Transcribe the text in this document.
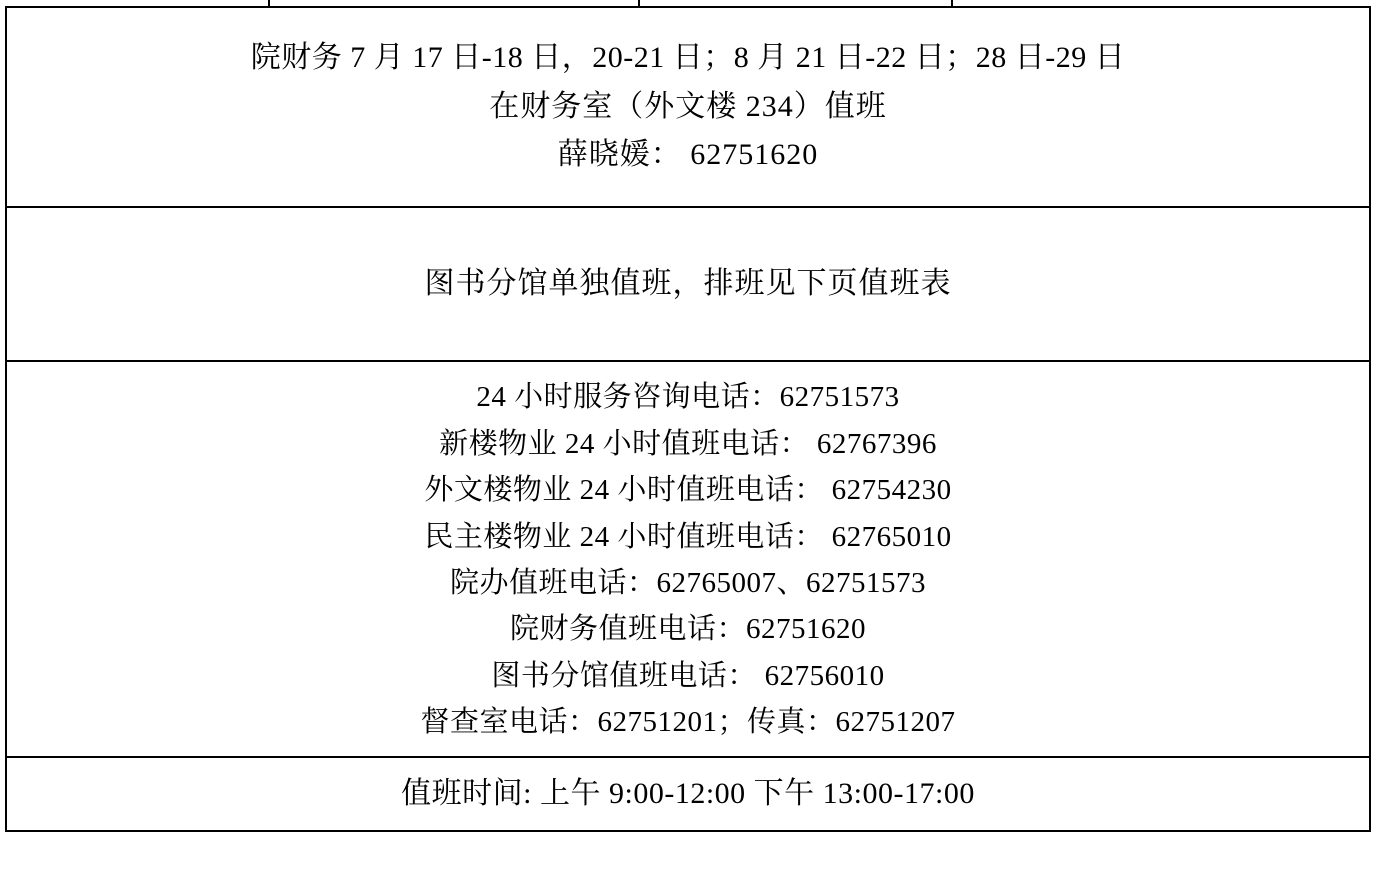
院财务 7 月 17 日-18 日，20-21 日；8 月 21 日-22 日；28 日-29 日
在财务室（外文楼 234）值班
薛晓媛： 62751620

图书分馆单独值班，排班见下页值班表

24 小时服务咨询电话：62751573
新楼物业 24 小时值班电话： 62767396
外文楼物业 24 小时值班电话： 62754230
民主楼物业 24 小时值班电话： 62765010
院办值班电话：62765007、62751573
院财务值班电话：62751620
图书分馆值班电话： 62756010
督查室电话：62751201；传真：62751207

值班时间: 上午 9:00-12:00 下午 13:00-17:00
